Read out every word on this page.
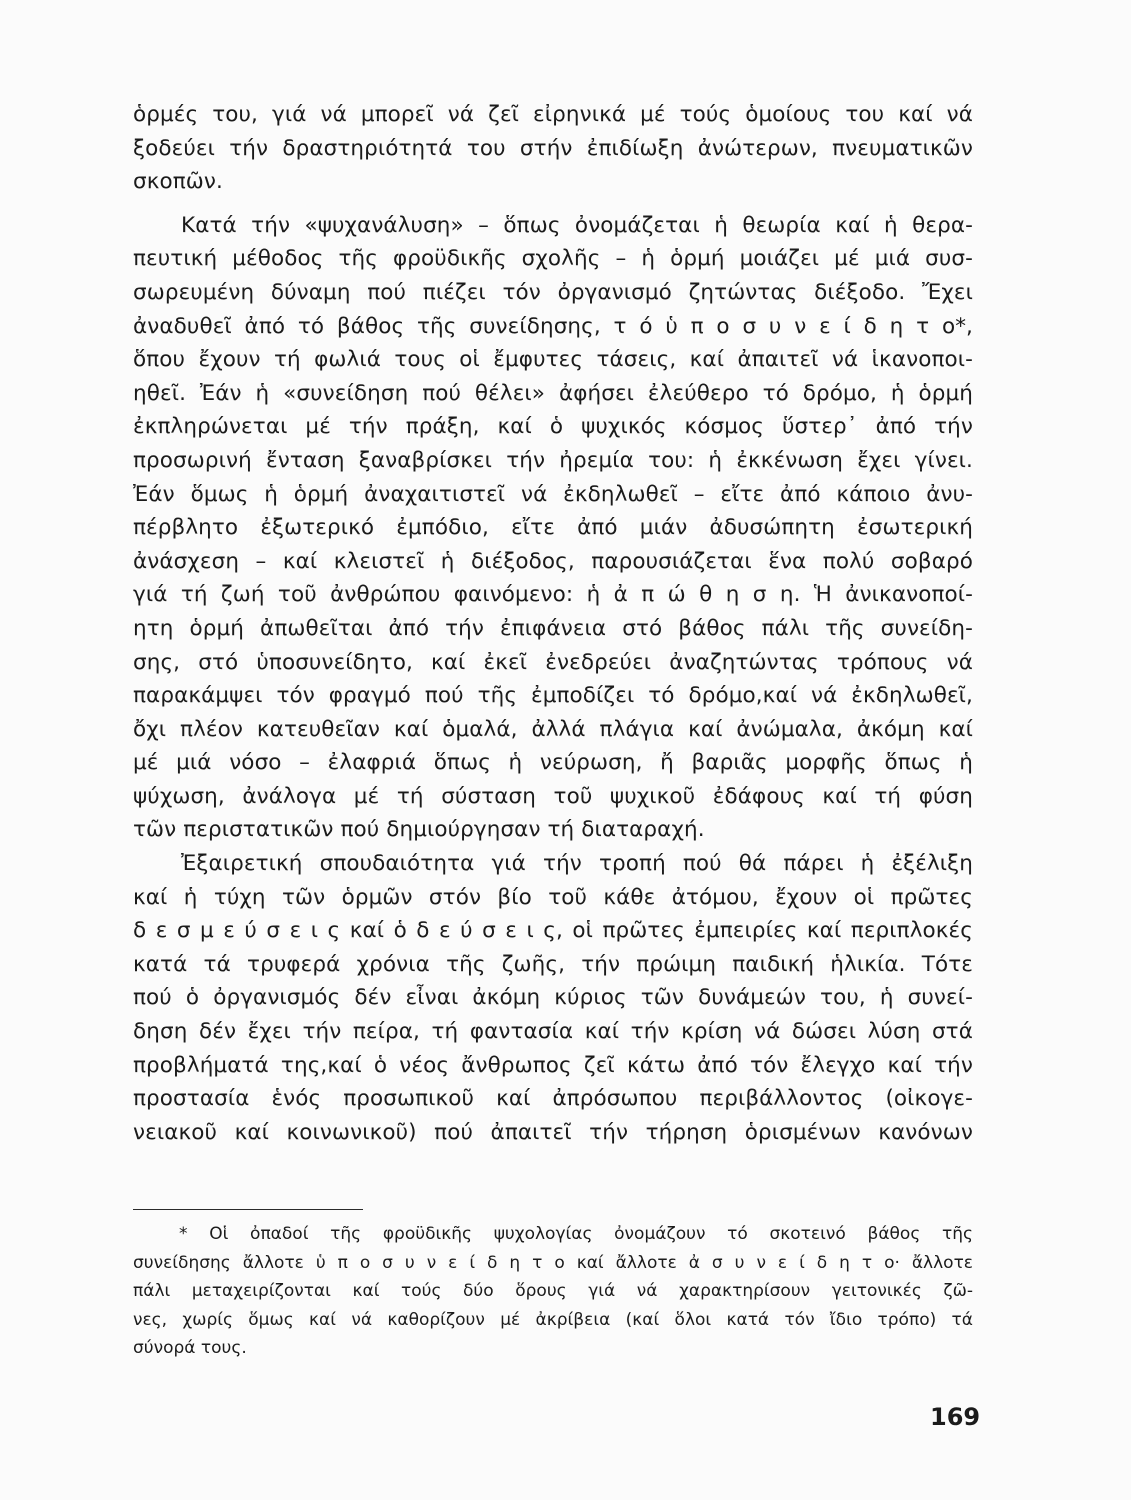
ὁρμές του, γιά νά μπορεῖ νά ζεῖ εἰρηνικά μέ τούς ὁμοίους του καί νά
ξοδεύει τήν δραστηριότητά του στήν ἐπιδίωξη ἀνώτερων, πνευματικῶν
σκοπῶν.
Κατά τήν «ψυχανάλυση» – ὅπως ὀνομάζεται ἡ θεωρία καί ἡ θερα-
πευτική μέθοδος τῆς φροϋδικῆς σχολῆς – ἡ ὁρμή μοιάζει μέ μιά συσ-
σωρευμένη δύναμη πού πιέζει τόν ὀργανισμό ζητώντας διέξοδο. Ἔχει
ἀναδυθεῖ ἀπό τό βάθος τῆς συνείδησης, τ ό ὑ π ο σ υ ν ε ί δ η τ ο*,
ὅπου ἔχουν τή φωλιά τους οἱ ἔμφυτες τάσεις, καί ἀπαιτεῖ νά ἱκανοποι-
ηθεῖ. Ἐάν ἡ «συνείδηση πού θέλει» ἀφήσει ἐλεύθερο τό δρόμο, ἡ ὁρμή
ἐκπληρώνεται μέ τήν πράξη, καί ὁ ψυχικός κόσμος ὕστερ᾿ ἀπό τήν
προσωρινή ἔνταση ξαναβρίσκει τήν ἠρεμία του: ἡ ἐκκένωση ἔχει γίνει.
Ἐάν ὅμως ἡ ὁρμή ἀναχαιτιστεῖ νά ἐκδηλωθεῖ – εἴτε ἀπό κάποιο ἀνυ-
πέρβλητο ἐξωτερικό ἐμπόδιο, εἴτε ἀπό μιάν ἀδυσώπητη ἐσωτερική
ἀνάσχεση – καί κλειστεῖ ἡ διέξοδος, παρουσιάζεται ἕνα πολύ σοβαρό
γιά τή ζωή τοῦ ἀνθρώπου φαινόμενο: ἡ ἀ π ώ θ η σ η. Ἡ ἀνικανοποί-
ητη ὁρμή ἀπωθεῖται ἀπό τήν ἐπιφάνεια στό βάθος πάλι τῆς συνείδη-
σης, στό ὑποσυνείδητο, καί ἐκεῖ ἐνεδρεύει ἀναζητώντας τρόπους νά
παρακάμψει τόν φραγμό πού τῆς ἐμποδίζει τό δρόμο,καί νά ἐκδηλωθεῖ,
ὄχι πλέον κατευθεῖαν καί ὁμαλά, ἀλλά πλάγια καί ἀνώμαλα, ἀκόμη καί
μέ μιά νόσο – ἐλαφριά ὅπως ἡ νεύρωση, ἤ βαριᾶς μορφῆς ὅπως ἡ
ψύχωση, ἀνάλογα μέ τή σύσταση τοῦ ψυχικοῦ ἐδάφους καί τή φύση
τῶν περιστατικῶν πού δημιούργησαν τή διαταραχή.
Ἐξαιρετική σπουδαιότητα γιά τήν τροπή πού θά πάρει ἡ ἐξέλιξη
καί ἡ τύχη τῶν ὁρμῶν στόν βίο τοῦ κάθε ἀτόμου, ἔχουν οἱ πρῶτες
δ ε σ μ ε ύ σ ε ι ς καί ὁ δ ε ύ σ ε ι ς, οἱ πρῶτες ἐμπειρίες καί περιπλοκές
κατά τά τρυφερά χρόνια τῆς ζωῆς, τήν πρώιμη παιδική ἡλικία. Τότε
πού ὁ ὀργανισμός δέν εἶναι ἀκόμη κύριος τῶν δυνάμεών του, ἡ συνεί-
δηση δέν ἔχει τήν πείρα, τή φαντασία καί τήν κρίση νά δώσει λύση στά
προβλήματά της,καί ὁ νέος ἄνθρωπος ζεῖ κάτω ἀπό τόν ἔλεγχο καί τήν
προστασία ἑνός προσωπικοῦ καί ἀπρόσωπου περιβάλλοντος (οἰκογε-
νειακοῦ καί κοινωνικοῦ) πού ἀπαιτεῖ τήν τήρηση ὁρισμένων κανόνων
* Οἱ ὀπαδοί τῆς φροϋδικῆς ψυχολογίας ὀνομάζουν τό σκοτεινό βάθος τῆς
συνείδησης ἄλλοτε ὑ π ο σ υ ν ε ί δ η τ ο καί ἄλλοτε ἀ σ υ ν ε ί δ η τ ο· ἄλλοτε
πάλι μεταχειρίζονται καί τούς δύο ὅρους γιά νά χαρακτηρίσουν γειτονικές ζῶ-
νες, χωρίς ὅμως καί νά καθορίζουν μέ ἀκρίβεια (καί ὅλοι κατά τόν ἴδιο τρόπο) τά
σύνορά τους.
169
